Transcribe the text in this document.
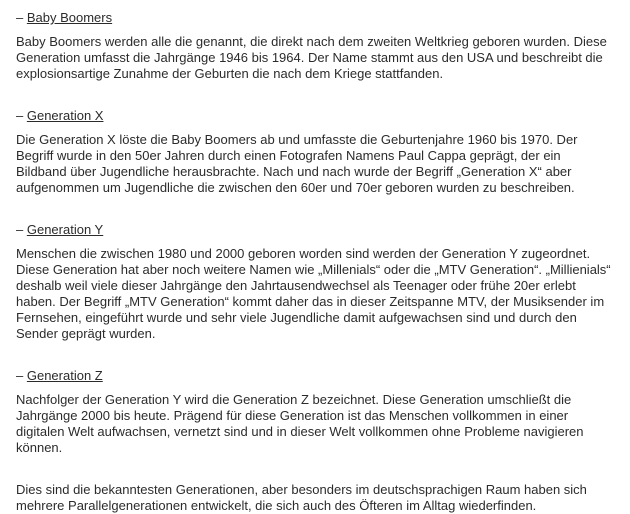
– Baby Boomers

Baby Boomers werden alle die genannt, die direkt nach dem zweiten Weltkrieg geboren wurden. Diese Generation umfasst die Jahrgänge 1946 bis 1964. Der Name stammt aus den USA und beschreibt die explosionsartige Zunahme der Geburten die nach dem Kriege stattfanden.

– Generation X

Die Generation X löste die Baby Boomers ab und umfasste die Geburtenjahre 1960 bis 1970. Der Begriff wurde in den 50er Jahren durch einen Fotografen Namens Paul Cappa geprägt, der ein Bildband über Jugendliche herausbrachte. Nach und nach wurde der Begriff „Generation X“ aber aufgenommen um Jugendliche die zwischen den 60er und 70er geboren wurden zu beschreiben.

– Generation Y

Menschen die zwischen 1980 und 2000 geboren worden sind werden der Generation Y zugeordnet. Diese Generation hat aber noch weitere Namen wie „Millenials“ oder die „MTV Generation“. „Millienials“ deshalb weil viele dieser Jahrgänge den Jahrtausendwechsel als Teenager oder frühe 20er erlebt haben. Der Begriff „MTV Generation“ kommt daher das in dieser Zeitspanne MTV, der Musiksender im Fernsehen, eingeführt wurde und sehr viele Jugendliche damit aufgewachsen sind und durch den Sender geprägt wurden.

– Generation Z

Nachfolger der Generation Y wird die Generation Z bezeichnet. Diese Generation umschließt die Jahrgänge 2000 bis heute. Prägend für diese Generation ist das Menschen vollkommen in einer digitalen Welt aufwachsen, vernetzt sind und in dieser Welt vollkommen ohne Probleme navigieren können.

Dies sind die bekanntesten Generationen, aber besonders im deutschsprachigen Raum haben sich mehrere Parallelgenerationen entwickelt, die sich auch des Öfteren im Alltag wiederfinden.
